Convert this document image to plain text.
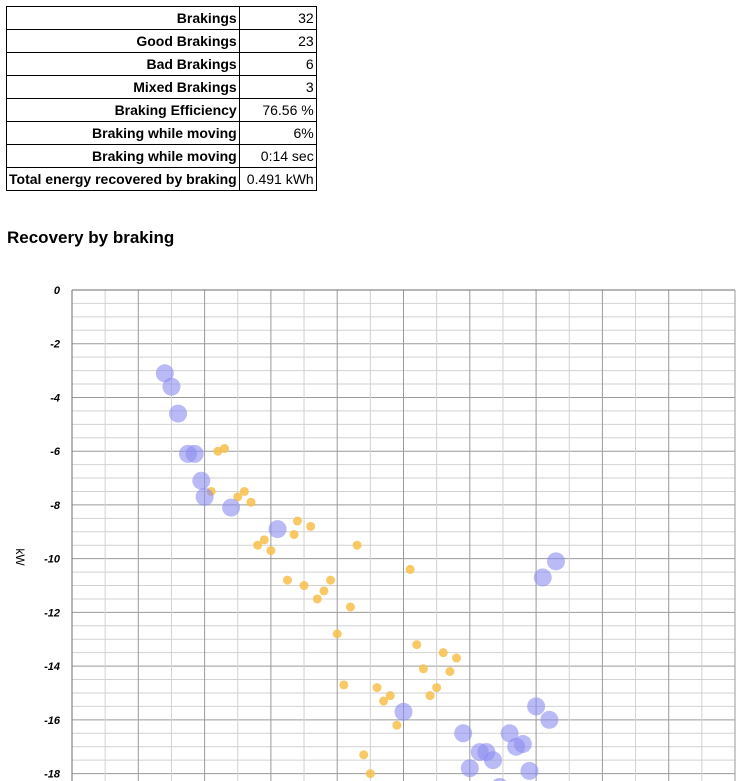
Brakings	32
Good Brakings	23
Bad Brakings	6
Mixed Brakings	3
Braking Efficiency	76.56 %
Braking while moving	6%
Braking while moving	0:14 sec
Total energy recovered by braking	0.491 kWh
Recovery by braking
0
-2
-4
-6
-8
-10
-12
-14
-16
-18
kW
